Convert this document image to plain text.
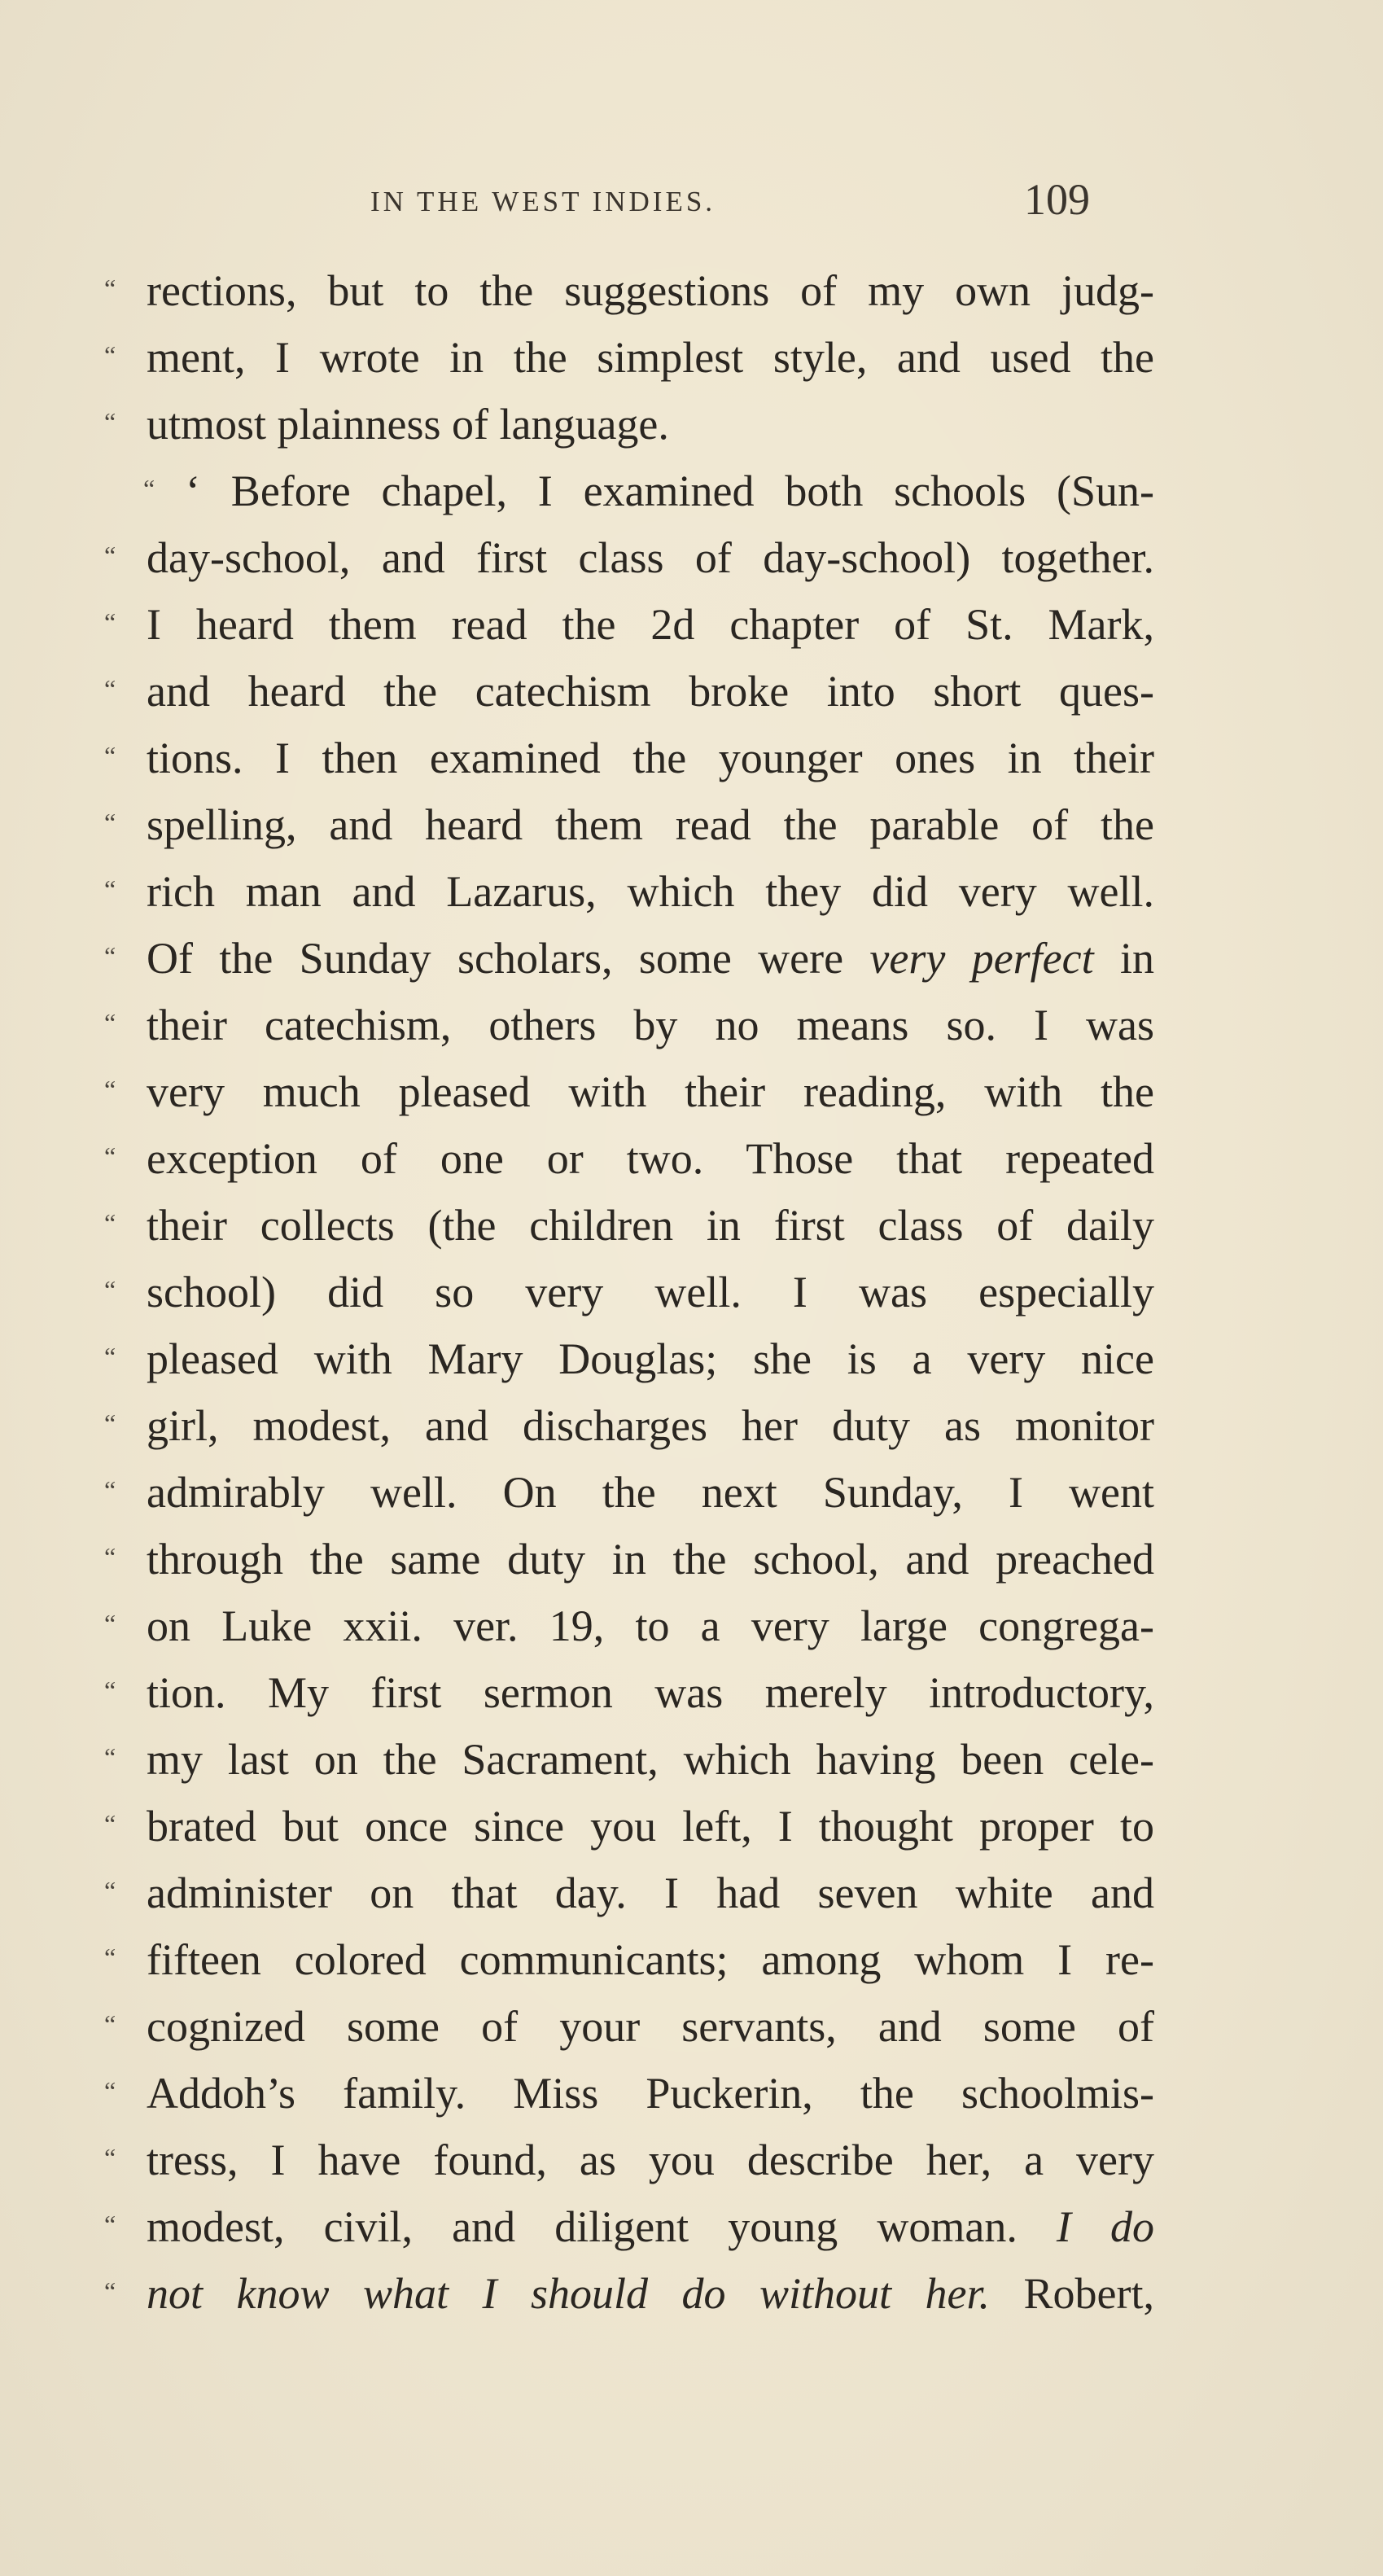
IN THE WEST INDIES.	109
“ rections, but to the suggestions of my own judg-
“ ment, I wrote in the simplest style, and used the
“ utmost plainness of language.
“ ‘ Before chapel, I examined both schools (Sun-
“ day-school, and first class of day-school) together.
“ I heard them read the 2d chapter of St. Mark,
“ and heard the catechism broke into short ques-
“ tions. I then examined the younger ones in their
“ spelling, and heard them read the parable of the
“ rich man and Lazarus, which they did very well.
“ Of the Sunday scholars, some were very perfect in
“ their catechism, others by no means so. I was
“ very much pleased with their reading, with the
“ exception of one or two. Those that repeated
“ their collects (the children in first class of daily
“ school) did so very well. I was especially
“ pleased with Mary Douglas; she is a very nice
“ girl, modest, and discharges her duty as monitor
“ admirably well. On the next Sunday, I went
“ through the same duty in the school, and preached
“ on Luke xxii. ver. 19, to a very large congrega-
“ tion. My first sermon was merely introductory,
“ my last on the Sacrament, which having been cele-
“ brated but once since you left, I thought proper to
“ administer on that day. I had seven white and
“ fifteen colored communicants; among whom I re-
“ cognized some of your servants, and some of
“ Addoh’s family. Miss Puckerin, the schoolmis-
“ tress, I have found, as you describe her, a very
“ modest, civil, and diligent young woman. I do
“ not know what I should do without her. Robert,
